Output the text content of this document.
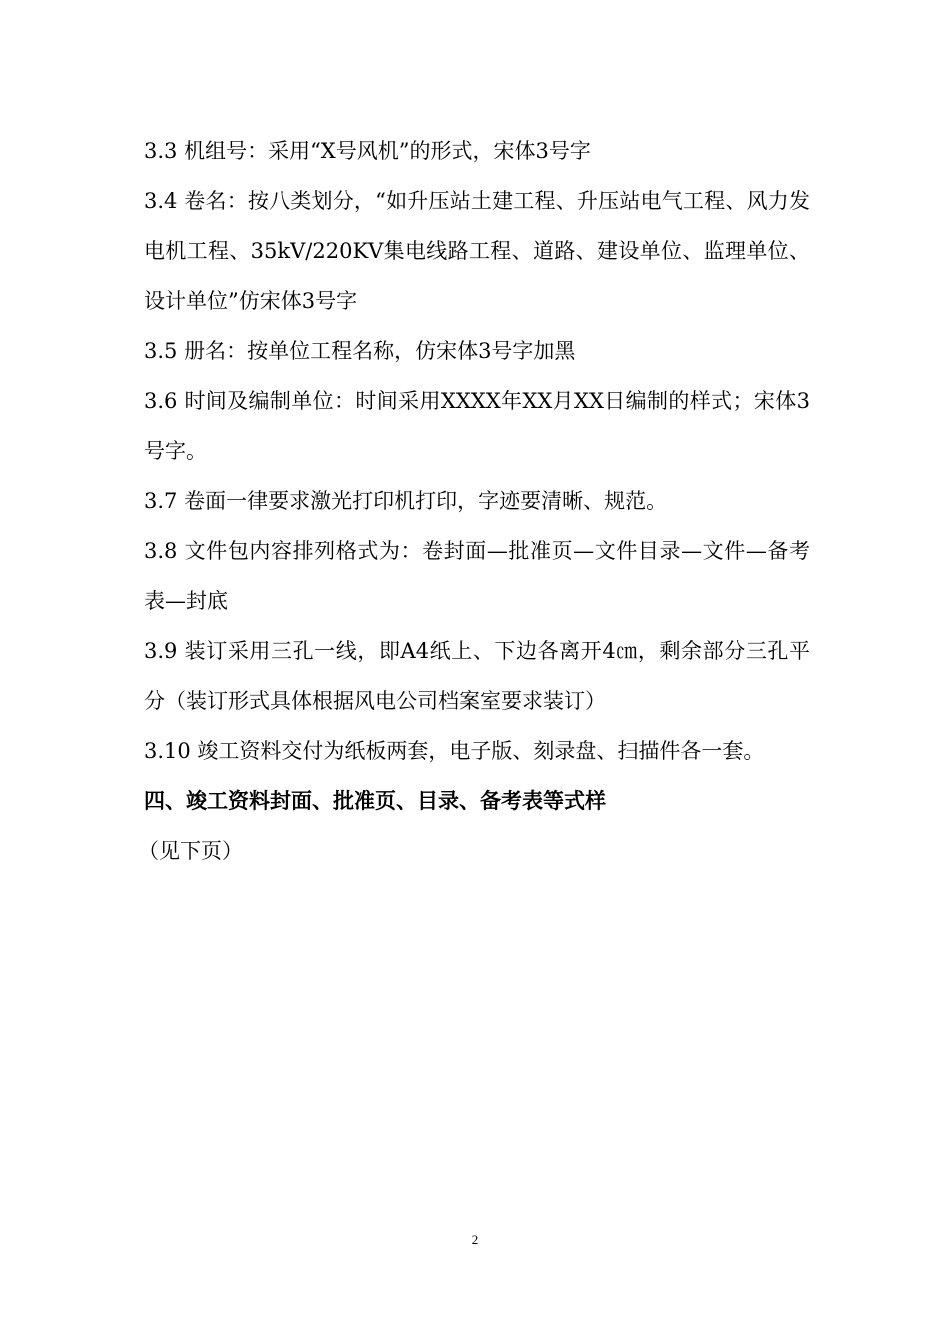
3.3 机组号：采用“X号风机”的形式，宋体3号字

3.4 卷名：按八类划分，“如升压站土建工程、升压站电气工程、风力发电机工程、35kV/220KV集电线路工程、道路、建设单位、监理单位、设计单位”仿宋体3号字

3.5 册名：按单位工程名称，仿宋体3号字加黑

3.6 时间及编制单位：时间采用XXXX年XX月XX日编制的样式；宋体3号字。

3.7 卷面一律要求激光打印机打印，字迹要清晰、规范。

3.8 文件包内容排列格式为：卷封面—批准页—文件目录—文件—备考表—封底

3.9 装订采用三孔一线，即A4纸上、下边各离开4㎝，剩余部分三孔平分（装订形式具体根据风电公司档案室要求装订）

3.10 竣工资料交付为纸板两套，电子版、刻录盘、扫描件各一套。

四、竣工资料封面、批准页、目录、备考表等式样

（见下页）

2
